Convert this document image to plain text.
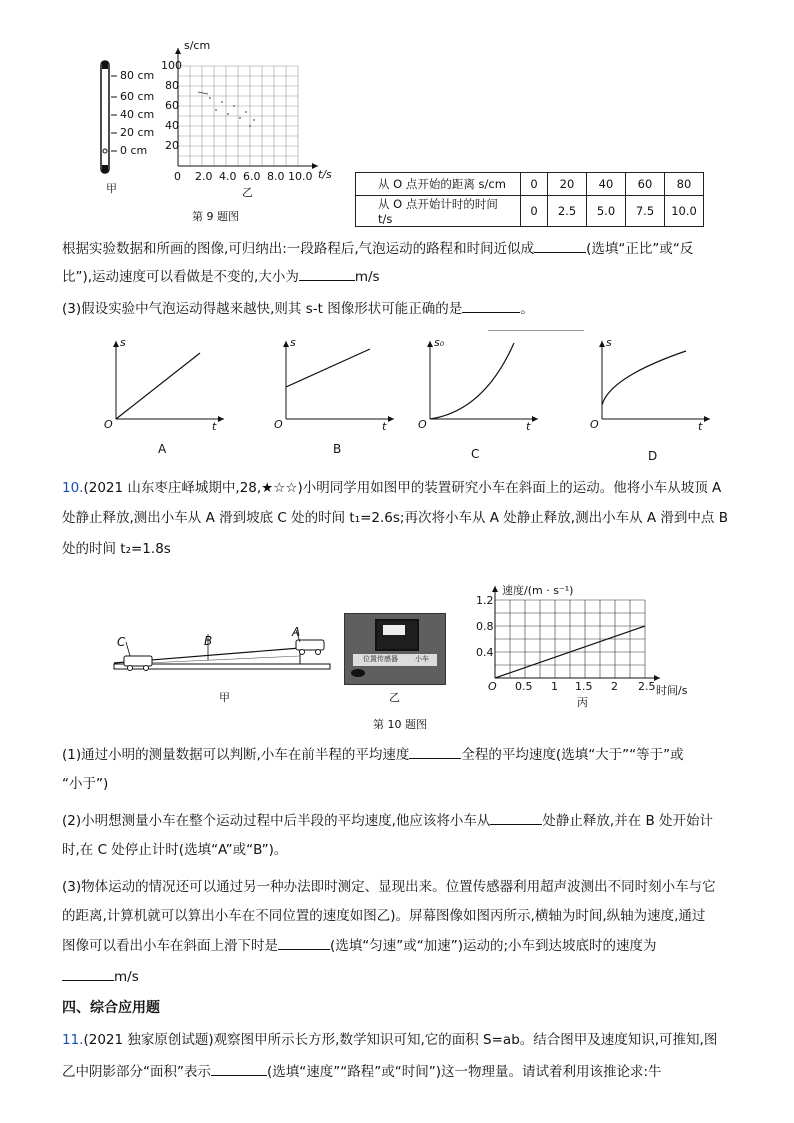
80 cm
60 cm
40 cm
20 cm
0 cm
甲
s/cm
100
80
60
40
20
0 2.0 4.0 6.0 8.0 10.0 t/s
乙
第 9 题图
从 O 点开始的距离 s/cm	0	20	40	60	80
从 O 点开始计时的时间 t/s	0	2.5	5.0	7.5	10.0
根据实验数据和所画的图像,可归纳出:一段路程后,气泡运动的路程和时间近似成	(选填“正比”或“反
比”),运动速度可以看做是不变的,大小为	m/s
(3)假设实验中气泡运动得越来越快,则其 s-t 图像形状可能正确的是	。
s	s	s₀	s
O	O	O	O
t	t	t	t
A	B	C	D
10.(2021 山东枣庄峄城期中,28,★☆☆)小明同学用如图甲的装置研究小车在斜面上的运动。他将小车从坡顶 A
处静止释放,测出小车从 A 滑到坡底 C 处的时间 t₁=2.6s;再次将小车从 A 处静止释放,测出小车从 A 滑到中点 B
处的时间 t₂=1.8s
C	B
A
甲
位置传感器 小车
乙
速度/(m · s⁻¹)
1.2
0.8
0.4
O 0.5 1 1.5 2 2.5 时间/s
丙
第 10 题图
(1)通过小明的测量数据可以判断,小车在前半程的平均速度	全程的平均速度(选填“大于”“等于”或
“小于”)
(2)小明想测量小车在整个运动过程中后半段的平均速度,他应该将小车从	处静止释放,并在 B 处开始计
时,在 C 处停止计时(选填“A”或“B”)。
(3)物体运动的情况还可以通过另一种办法即时测定、显现出来。位置传感器利用超声波测出不同时刻小车与它
的距离,计算机就可以算出小车在不同位置的速度如图乙)。屏幕图像如图丙所示,横轴为时间,纵轴为速度,通过
图像可以看出小车在斜面上滑下时是	(选填“匀速”或“加速”)运动的;小车到达坡底时的速度为
m/s
四、综合应用题
11.(2021 独家原创试题)观察图甲所示长方形,数学知识可知,它的面积 S=ab。结合图甲及速度知识,可推知,图
乙中阴影部分“面积”表示	(选填“速度”“路程”或“时间”)这一物理量。请试着利用该推论求:牛
